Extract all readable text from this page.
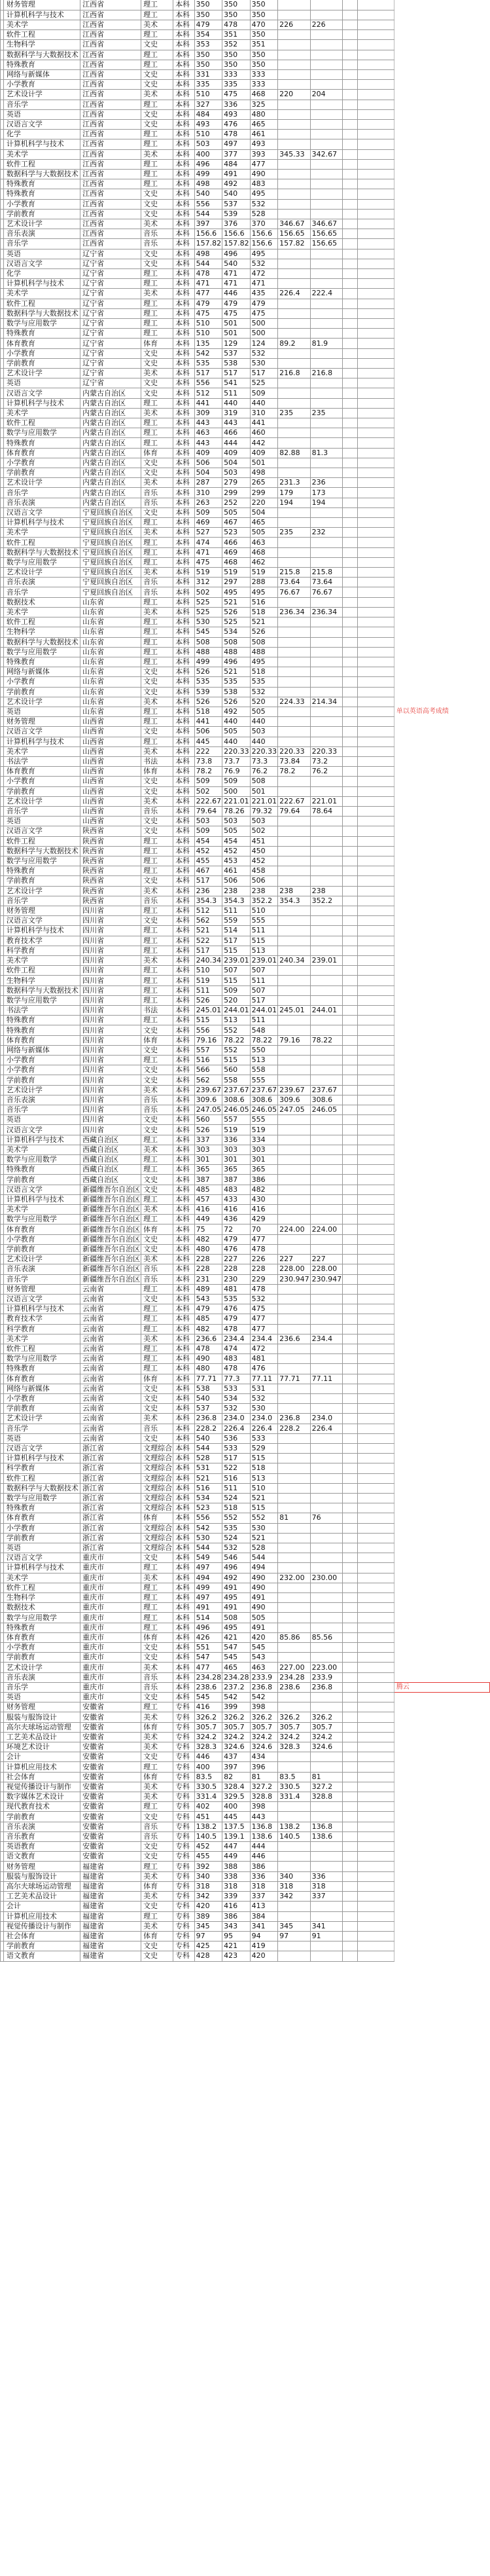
	财务管理	江西省	理工	本科	350	350	350					
	计算机科学与技术	江西省	理工	本科	350	350	350					
	美术学	江西省	美术	本科	479	478	470	226	226			
	软件工程	江西省	理工	本科	354	351	350					
	生物科学	江西省	文史	本科	353	352	351					
	数据科学与大数据技术	江西省	理工	本科	350	350	350					
	特殊教育	江西省	理工	本科	350	350	350					
	网络与新媒体	江西省	文史	本科	331	333	333					
	小学教育	江西省	文史	本科	335	335	333					
	艺术设计学	江西省	美术	本科	510	475	468	220	204			
	音乐学	江西省	理工	本科	327	336	325					
	英语	江西省	文史	本科	484	493	480					
	汉语言文学	江西省	文史	本科	493	476	465					
	化学	江西省	理工	本科	510	478	461					
	计算机科学与技术	江西省	理工	本科	503	497	493					
	美术学	江西省	美术	本科	400	377	393	345.33	342.67			
	软件工程	江西省	理工	本科	496	484	477					
	数据科学与大数据技术	江西省	理工	本科	499	491	490					
	特殊教育	江西省	理工	本科	498	492	483					
	特殊教育	江西省	文史	本科	540	540	495					
	小学教育	江西省	文史	本科	556	537	532					
	学前教育	江西省	文史	本科	544	539	528					
	艺术设计学	江西省	美术	本科	397	376	370	346.67	346.67			
	音乐表演	江西省	音乐	本科	156.6	156.6	156.6	156.65	156.65			
	音乐学	江西省	音乐	本科	157.82	157.82	156.6	157.82	156.65			
	英语	辽宁省	文史	本科	498	496	495					
	汉语言文学	辽宁省	文史	本科	544	540	532					
	化学	辽宁省	理工	本科	478	471	472					
	计算机科学与技术	辽宁省	理工	本科	471	471	471					
	美术学	辽宁省	美术	本科	477	446	435	226.4	222.4			
	软件工程	辽宁省	理工	本科	479	479	479					
	数据科学与大数据技术	辽宁省	理工	本科	475	475	475					
	数学与应用数学	辽宁省	理工	本科	510	501	500					
	特殊教育	辽宁省	理工	本科	510	501	500					
	体育教育	辽宁省	体育	本科	135	129	124	89.2	81.9			
	小学教育	辽宁省	文史	本科	542	537	532					
	学前教育	辽宁省	文史	本科	535	538	530					
	艺术设计学	辽宁省	美术	本科	517	517	517	216.8	216.8			
	英语	辽宁省	文史	本科	556	541	525					
	汉语言文学	内蒙古自治区	文史	本科	512	511	509					
	计算机科学与技术	内蒙古自治区	理工	本科	441	440	440					
	美术学	内蒙古自治区	美术	本科	309	319	310	235	235			
	软件工程	内蒙古自治区	理工	本科	443	443	441					
	数学与应用数学	内蒙古自治区	理工	本科	463	466	460					
	特殊教育	内蒙古自治区	理工	本科	443	444	442					
	体育教育	内蒙古自治区	体育	本科	409	409	409	82.88	81.3			
	小学教育	内蒙古自治区	文史	本科	506	504	501					
	学前教育	内蒙古自治区	文史	本科	504	503	498					
	艺术设计学	内蒙古自治区	美术	本科	287	279	265	231.3	236			
	音乐学	内蒙古自治区	音乐	本科	310	299	299	179	173			
	音乐表演	内蒙古自治区	音乐	本科	263	252	220	194	194			
	汉语言文学	宁夏回族自治区	文史	本科	509	505	504					
	计算机科学与技术	宁夏回族自治区	理工	本科	469	467	465					
	美术学	宁夏回族自治区	美术	本科	527	523	505	235	232			
	软件工程	宁夏回族自治区	理工	本科	474	466	463					
	数据科学与大数据技术	宁夏回族自治区	理工	本科	471	469	468					
	数学与应用数学	宁夏回族自治区	理工	本科	475	468	462					
	艺术设计学	宁夏回族自治区	美术	本科	519	519	519	215.8	215.8			
	音乐表演	宁夏回族自治区	音乐	本科	312	297	288	73.64	73.64			
	音乐学	宁夏回族自治区	音乐	本科	502	495	495	76.67	76.67			
	数据技术	山东省	理工	本科	525	521	516					
	美术学	山东省	美术	本科	525	526	518	236.34	236.34			
	软件工程	山东省	理工	本科	530	525	521					
	生物科学	山东省	理工	本科	545	534	526					
	数据科学与大数据技术	山东省	理工	本科	508	508	508					
	数学与应用数学	山东省	理工	本科	488	488	488					
	特殊教育	山东省	理工	本科	499	496	495					
	网络与新媒体	山东省	文史	本科	526	521	518					
	小学教育	山东省	文史	本科	535	535	535					
	学前教育	山东省	文史	本科	539	538	532					
	艺术设计学	山东省	美术	本科	526	526	520	224.33	214.34			
	英语	山东省	理工	本科	518	492	505					单以英语高考成绩
	财务管理	山西省	理工	本科	441	440	440					
	汉语言文学	山西省	文史	本科	506	505	503					
	计算机科学与技术	山西省	理工	本科	445	440	440					
	美术学	山西省	美术	本科	222	220.33	220.33	220.33	220.33			
	书法学	山西省	书法	本科	73.8	73.7	73.3	73.84	73.2			
	体育教育	山西省	体育	本科	78.2	76.9	76.2	78.2	76.2			
	小学教育	山西省	文史	本科	509	509	508					
	学前教育	山西省	文史	本科	502	500	501					
	艺术设计学	山西省	美术	本科	222.67	221.01	221.01	222.67	221.01			
	音乐学	山西省	音乐	本科	79.64	78.26	79.32	79.64	78.64			
	英语	山西省	文史	本科	503	503	503					
	汉语言文学	陕西省	文史	本科	509	505	502					
	软件工程	陕西省	理工	本科	454	454	451					
	数据科学与大数据技术	陕西省	理工	本科	452	452	450					
	数学与应用数学	陕西省	理工	本科	455	453	452					
	特殊教育	陕西省	理工	本科	467	461	458					
	学前教育	陕西省	文史	本科	517	506	506					
	艺术设计学	陕西省	美术	本科	236	238	238	238	238			
	音乐学	陕西省	音乐	本科	354.3	354.3	352.2	354.3	352.2			
	财务管理	四川省	理工	本科	512	511	510					
	汉语言文学	四川省	文史	本科	562	559	555					
	计算机科学与技术	四川省	理工	本科	521	514	511					
	教育技术学	四川省	理工	本科	522	517	515					
	科学教育	四川省	理工	本科	517	515	513					
	美术学	四川省	美术	本科	240.34	239.01	239.01	240.34	239.01			
	软件工程	四川省	理工	本科	510	507	507					
	生物科学	四川省	理工	本科	519	515	511					
	数据科学与大数据技术	四川省	理工	本科	511	509	507					
	数学与应用数学	四川省	理工	本科	526	520	517					
	书法学	四川省	书法	本科	245.01	244.01	244.01	245.01	244.01			
	特殊教育	四川省	理工	本科	515	513	511					
	特殊教育	四川省	文史	本科	556	552	548					
	体育教育	四川省	体育	本科	79.16	78.22	78.22	79.16	78.22			
	网络与新媒体	四川省	文史	本科	557	552	550					
	小学教育	四川省	理工	本科	516	515	513					
	小学教育	四川省	文史	本科	566	560	558					
	学前教育	四川省	文史	本科	562	558	555					
	艺术设计学	四川省	美术	本科	239.67	237.67	237.67	239.67	237.67			
	音乐表演	四川省	音乐	本科	309.6	308.6	308.6	309.6	308.6			
	音乐学	四川省	音乐	本科	247.05	246.05	246.05	247.05	246.05			
	英语	四川省	文史	本科	560	557	555					
	汉语言文学	四川省	文史	本科	526	519	519					
	计算机科学与技术	西藏自治区	理工	本科	337	336	334					
	美术学	西藏自治区	美术	本科	303	303	303					
	数学与应用数学	西藏自治区	理工	本科	301	301	301					
	特殊教育	西藏自治区	理工	本科	365	365	365					
	学前教育	西藏自治区	文史	本科	387	387	386					
	汉语言文学	新疆维吾尔自治区	文史	本科	485	483	482					
	计算机科学与技术	新疆维吾尔自治区	理工	本科	457	433	430					
	美术学	新疆维吾尔自治区	美术	本科	416	416	416					
	数学与应用数学	新疆维吾尔自治区	理工	本科	449	436	429					
	体育教育	新疆维吾尔自治区	体育	本科	75	72	70	224.00	224.00			
	小学教育	新疆维吾尔自治区	文史	本科	482	479	477					
	学前教育	新疆维吾尔自治区	文史	本科	480	476	478					
	艺术设计学	新疆维吾尔自治区	美术	本科	228	227	226	227	227			
	音乐表演	新疆维吾尔自治区	音乐	本科	228	228	228	228.00	228.00			
	音乐学	新疆维吾尔自治区	音乐	本科	231	230	229	230.947	230.947			
	财务管理	云南省	理工	本科	489	481	478					
	汉语言文学	云南省	文史	本科	543	535	532					
	计算机科学与技术	云南省	理工	本科	479	476	475					
	教育技术学	云南省	理工	本科	485	479	477					
	科学教育	云南省	理工	本科	482	478	477					
	美术学	云南省	美术	本科	236.6	234.4	234.4	236.6	234.4			
	软件工程	云南省	理工	本科	478	474	472					
	数学与应用数学	云南省	理工	本科	490	483	481					
	特殊教育	云南省	理工	本科	480	478	476					
	体育教育	云南省	体育	本科	77.71	77.3	77.11	77.71	77.11			
	网络与新媒体	云南省	文史	本科	538	533	531					
	小学教育	云南省	文史	本科	540	534	532					
	学前教育	云南省	文史	本科	537	532	530					
	艺术设计学	云南省	美术	本科	236.8	234.0	234.0	236.8	234.0			
	音乐学	云南省	音乐	本科	228.2	226.4	226.4	228.2	226.4			
	英语	云南省	文史	本科	540	536	533					
	汉语言文学	浙江省	文理综合	本科	544	533	529					
	计算机科学与技术	浙江省	文理综合	本科	528	517	515					
	科学教育	浙江省	文理综合	本科	531	522	518					
	软件工程	浙江省	文理综合	本科	521	516	513					
	数据科学与大数据技术	浙江省	文理综合	本科	516	511	510					
	数学与应用数学	浙江省	文理综合	本科	534	524	521					
	特殊教育	浙江省	文理综合	本科	523	518	515					
	体育教育	浙江省	体育	本科	556	552	552	81	76			
	小学教育	浙江省	文理综合	本科	542	535	530					
	学前教育	浙江省	文理综合	本科	530	524	521					
	英语	浙江省	文理综合	本科	544	532	528					
	汉语言文学	重庆市	文史	本科	549	546	544					
	计算机科学与技术	重庆市	理工	本科	497	496	494					
	美术学	重庆市	美术	本科	494	492	490	232.00	230.00			
	软件工程	重庆市	理工	本科	499	491	490					
	生物科学	重庆市	理工	本科	497	495	491					
	数据技术	重庆市	理工	本科	491	491	490					
	数学与应用数学	重庆市	理工	本科	514	508	505					
	特殊教育	重庆市	理工	本科	496	495	491					
	体育教育	重庆市	体育	本科	426	421	420	85.86	85.56			
	小学教育	重庆市	文史	本科	551	547	545					
	学前教育	重庆市	文史	本科	547	545	543					
	艺术设计学	重庆市	美术	本科	477	465	463	227.00	223.00			
	音乐表演	重庆市	音乐	本科	234.28	234.28	233.9	234.28	233.9			
	音乐学	重庆市	音乐	本科	238.6	237.2	236.8	238.6	236.8			腾云
	英语	重庆市	文史	本科	545	542	542					
	财务管理	安徽省	理工	专科	416	399	398					
	服装与服饰设计	安徽省	美术	专科	326.2	326.2	326.2	326.2	326.2			
	高尔夫球场运动管理	安徽省	体育	专科	305.7	305.7	305.7	305.7	305.7			
	工艺美术品设计	安徽省	美术	专科	324.2	324.2	324.2	324.2	324.2			
	环境艺术设计	安徽省	美术	专科	328.3	324.6	324.6	328.3	324.6			
	会计	安徽省	文史	专科	446	437	434					
	计算机应用技术	安徽省	理工	专科	400	397	396					
	社会体育	安徽省	体育	专科	83.5	82	81	83.5	81			
	视觉传播设计与制作	安徽省	美术	专科	330.5	328.4	327.2	330.5	327.2			
	数字媒体艺术设计	安徽省	美术	专科	331.4	329.5	328.8	331.4	328.8			
	现代教育技术	安徽省	理工	专科	402	400	398					
	学前教育	安徽省	文史	专科	451	445	443					
	音乐表演	安徽省	音乐	专科	138.2	137.5	136.8	138.2	136.8			
	音乐教育	安徽省	音乐	专科	140.5	139.1	138.6	140.5	138.6			
	英语教育	安徽省	文史	专科	452	447	444					
	语文教育	安徽省	文史	专科	455	449	446					
	财务管理	福建省	理工	专科	392	388	386					
	服装与服饰设计	福建省	美术	专科	340	338	336	340	336			
	高尔夫球场运动管理	福建省	体育	专科	318	318	318	318	318			
	工艺美术品设计	福建省	美术	专科	342	339	337	342	337			
	会计	福建省	文史	专科	420	416	413					
	计算机应用技术	福建省	理工	专科	389	386	384					
	视觉传播设计与制作	福建省	美术	专科	345	343	341	345	341			
	社会体育	福建省	体育	专科	97	95	94	97	91			
	学前教育	福建省	文史	专科	425	421	419					
	语文教育	福建省	文史	专科	428	423	420					
